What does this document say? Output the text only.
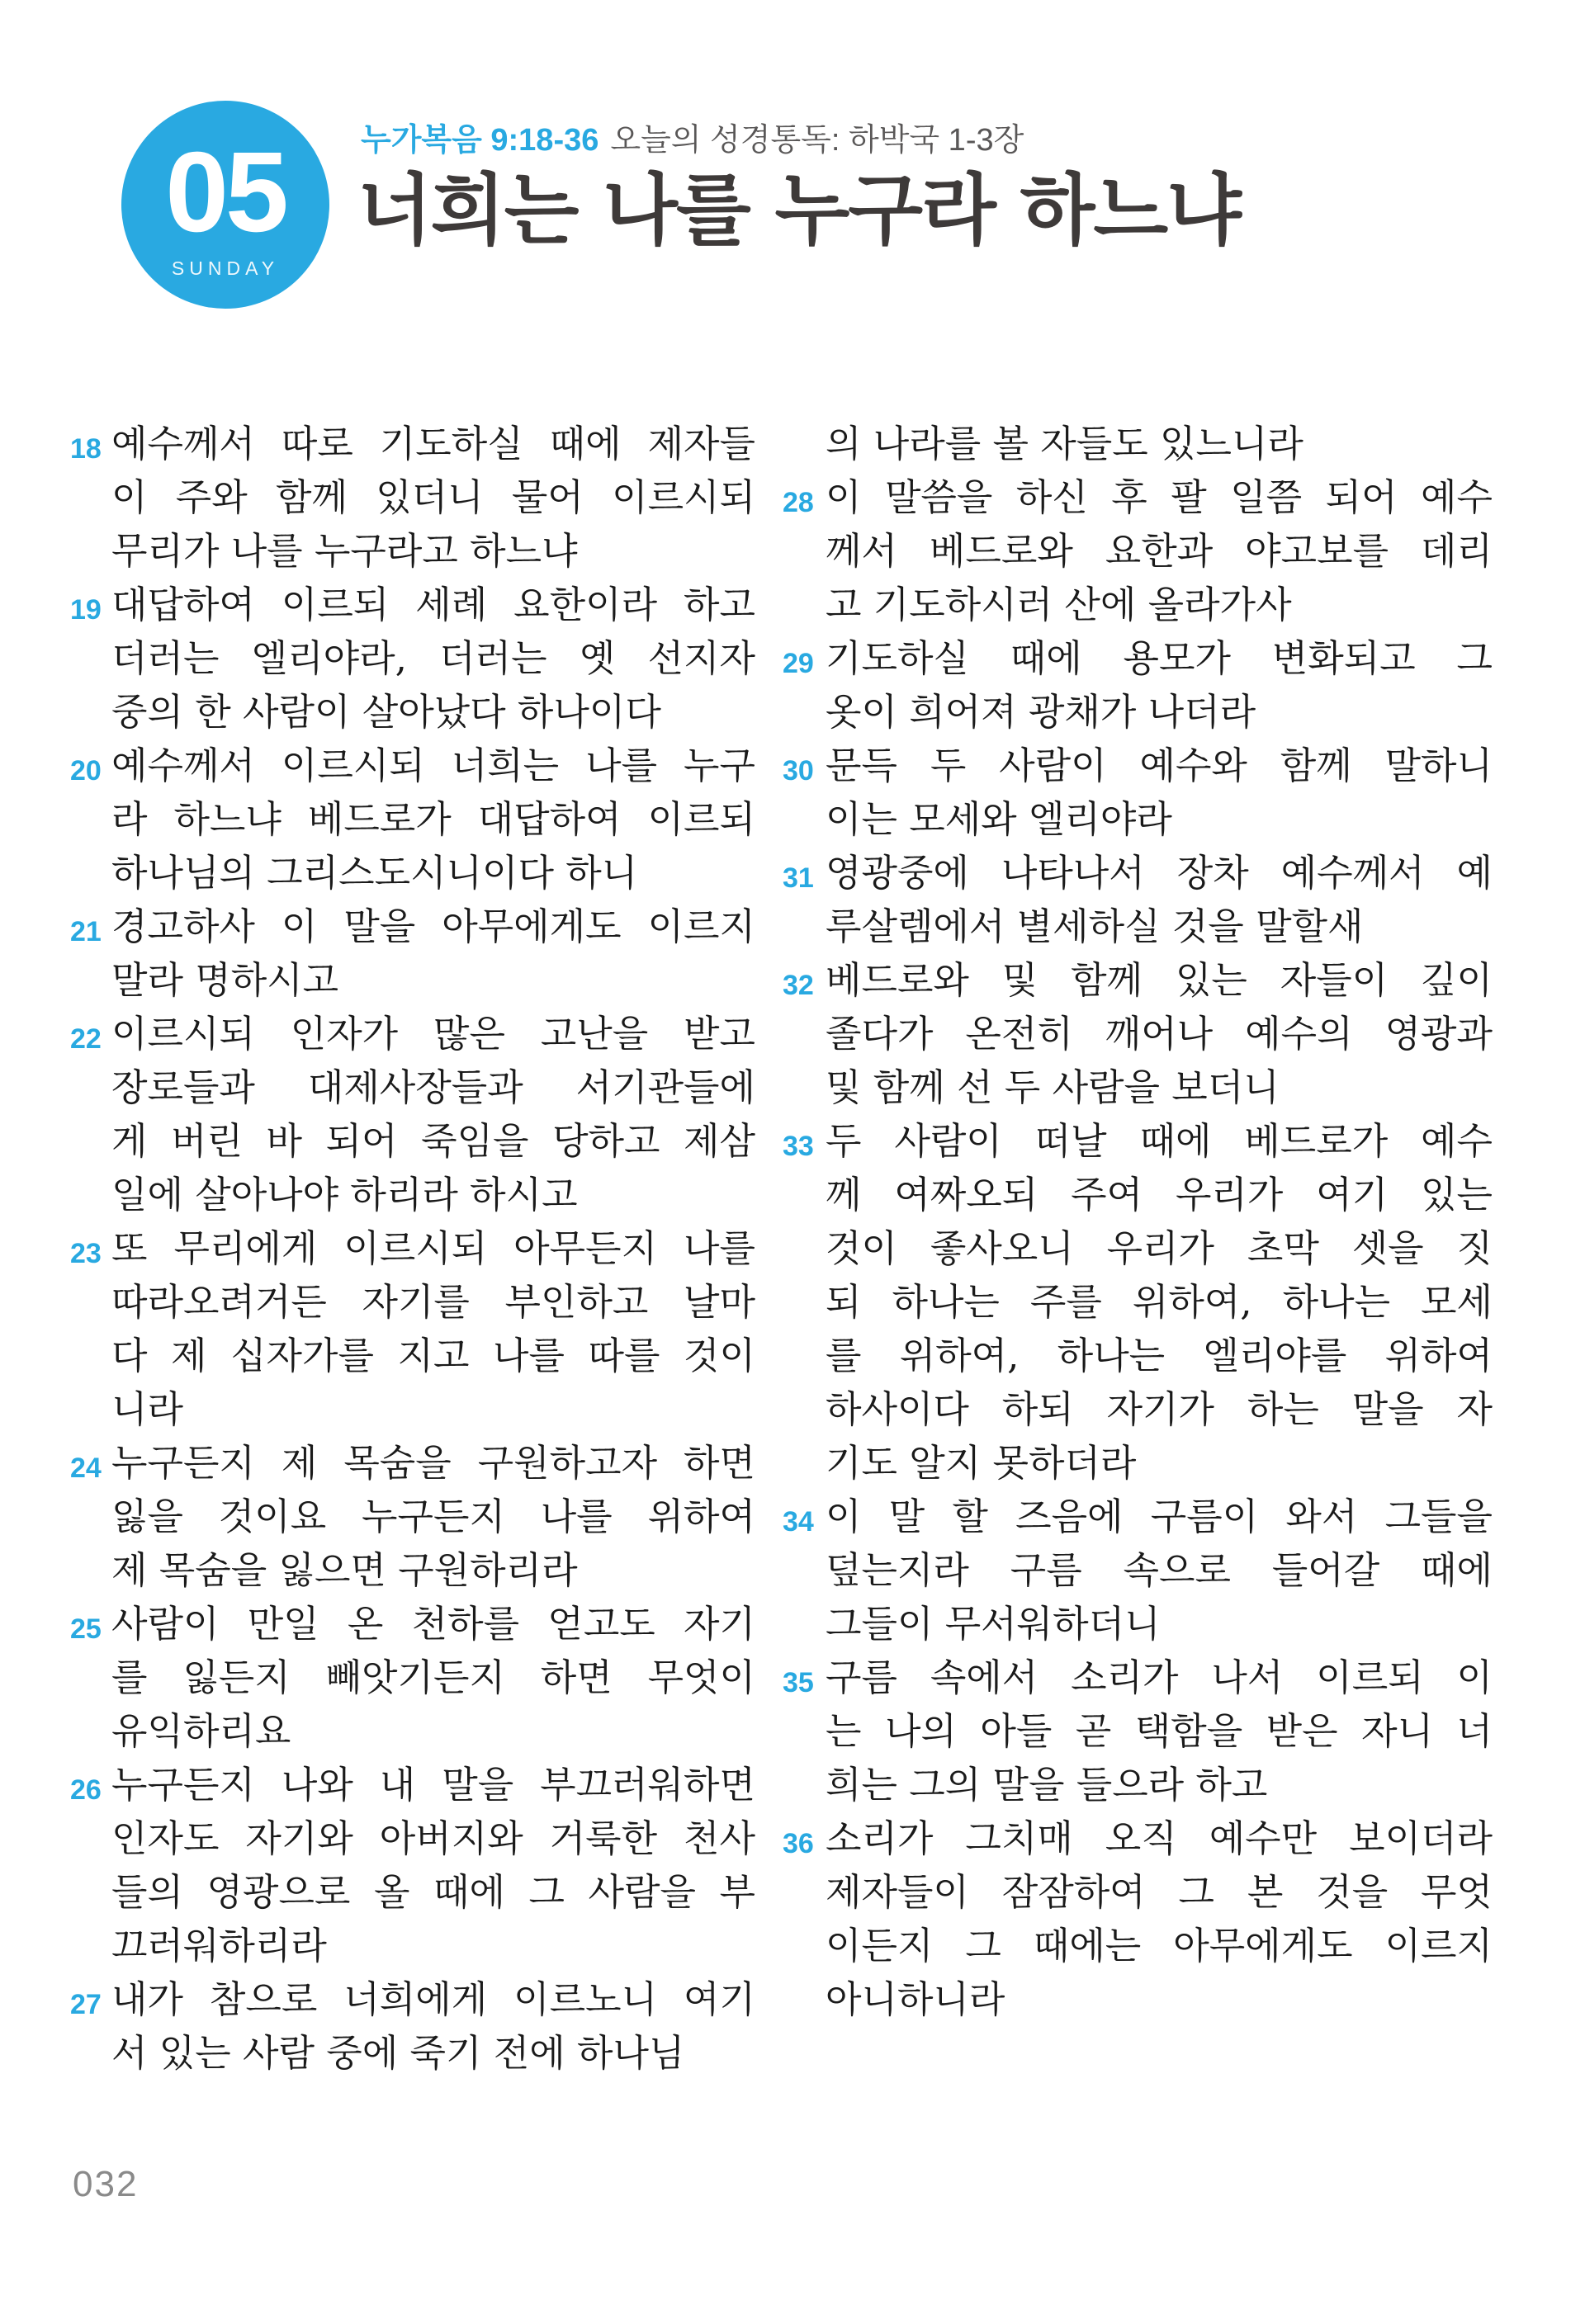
05
SUNDAY
누가복음 9:18-36 오늘의 성경통독: 하박국 1-3장
너희는 나를 누구라 하느냐
18 예수께서 따로 기도하실 때에 제자들
이 주와 함께 있더니 물어 이르시되
무리가 나를 누구라고 하느냐
19 대답하여 이르되 세례 요한이라 하고
더러는 엘리야라, 더러는 옛 선지자
중의 한 사람이 살아났다 하나이다
20 예수께서 이르시되 너희는 나를 누구
라 하느냐 베드로가 대답하여 이르되
하나님의 그리스도시니이다 하니
21 경고하사 이 말을 아무에게도 이르지
말라 명하시고
22 이르시되 인자가 많은 고난을 받고
장로들과 대제사장들과 서기관들에
게 버린 바 되어 죽임을 당하고 제삼
일에 살아나야 하리라 하시고
23 또 무리에게 이르시되 아무든지 나를
따라오려거든 자기를 부인하고 날마
다 제 십자가를 지고 나를 따를 것이
니라
24 누구든지 제 목숨을 구원하고자 하면
잃을 것이요 누구든지 나를 위하여
제 목숨을 잃으면 구원하리라
25 사람이 만일 온 천하를 얻고도 자기
를 잃든지 빼앗기든지 하면 무엇이
유익하리요
26 누구든지 나와 내 말을 부끄러워하면
인자도 자기와 아버지와 거룩한 천사
들의 영광으로 올 때에 그 사람을 부
끄러워하리라
27 내가 참으로 너희에게 이르노니 여기
서 있는 사람 중에 죽기 전에 하나님
의 나라를 볼 자들도 있느니라
28 이 말씀을 하신 후 팔 일쯤 되어 예수
께서 베드로와 요한과 야고보를 데리
고 기도하시러 산에 올라가사
29 기도하실 때에 용모가 변화되고 그
옷이 희어져 광채가 나더라
30 문득 두 사람이 예수와 함께 말하니
이는 모세와 엘리야라
31 영광중에 나타나서 장차 예수께서 예
루살렘에서 별세하실 것을 말할새
32 베드로와 및 함께 있는 자들이 깊이
졸다가 온전히 깨어나 예수의 영광과
및 함께 선 두 사람을 보더니
33 두 사람이 떠날 때에 베드로가 예수
께 여짜오되 주여 우리가 여기 있는
것이 좋사오니 우리가 초막 셋을 짓
되 하나는 주를 위하여, 하나는 모세
를 위하여, 하나는 엘리야를 위하여
하사이다 하되 자기가 하는 말을 자
기도 알지 못하더라
34 이 말 할 즈음에 구름이 와서 그들을
덮는지라 구름 속으로 들어갈 때에
그들이 무서워하더니
35 구름 속에서 소리가 나서 이르되 이
는 나의 아들 곧 택함을 받은 자니 너
희는 그의 말을 들으라 하고
36 소리가 그치매 오직 예수만 보이더라
제자들이 잠잠하여 그 본 것을 무엇
이든지 그 때에는 아무에게도 이르지
아니하니라
032
